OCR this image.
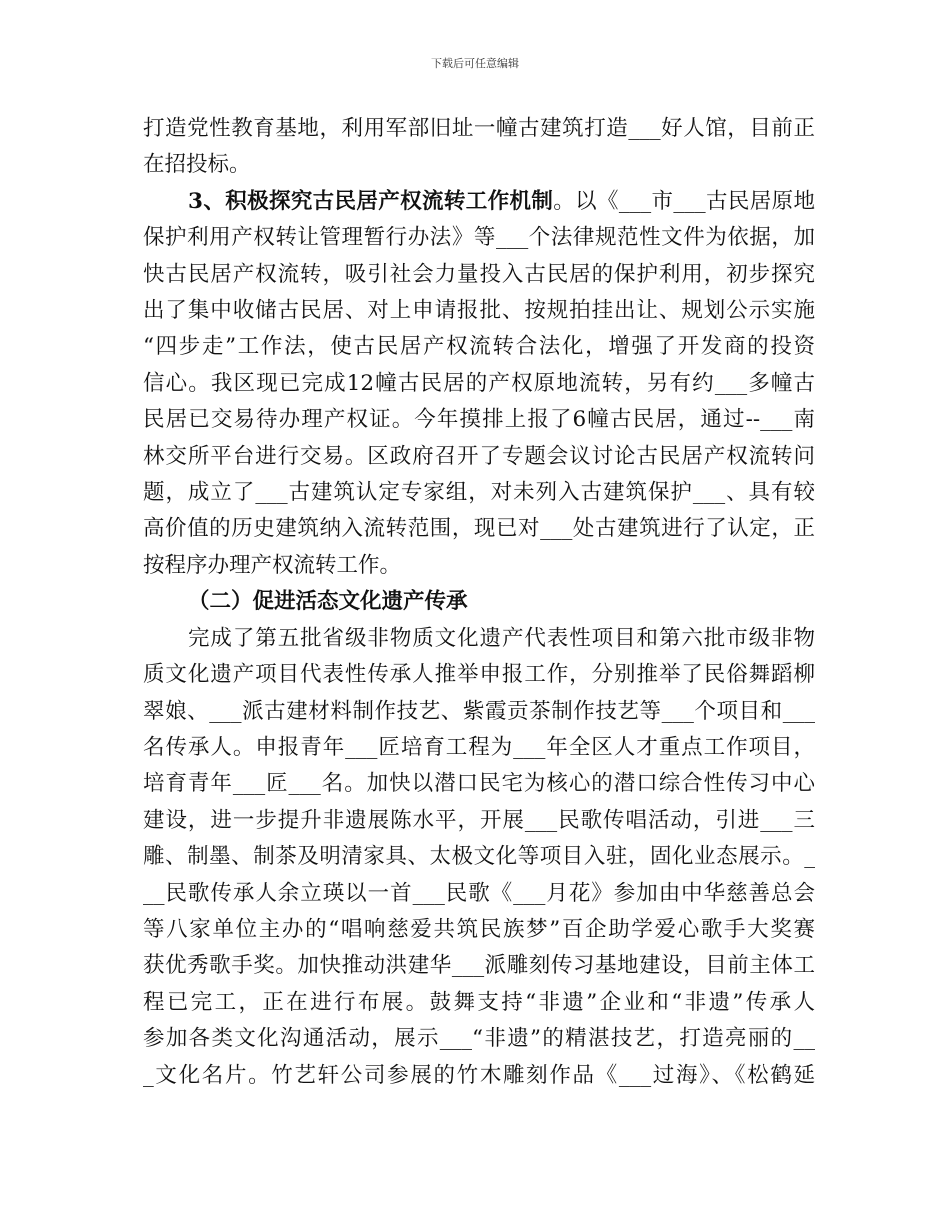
下载后可任意编辑
打造党性教育基地，利用军部旧址一幢古建筑打造___好人馆，目前正
在招投标。
3、积极探究古民居产权流转工作机制。以《___市___古民居原地
保护利用产权转让管理暂行办法》等___个法律规范性文件为依据，加
快古民居产权流转，吸引社会力量投入古民居的保护利用，初步探究
出了集中收储古民居、对上申请报批、按规拍挂出让、规划公示实施
“四步走”工作法，使古民居产权流转合法化，增强了开发商的投资
信心。我区现已完成12幢古民居的产权原地流转，另有约___多幢古
民居已交易待办理产权证。今年摸排上报了6幢古民居，通过--___南
林交所平台进行交易。区政府召开了专题会议讨论古民居产权流转问
题，成立了___古建筑认定专家组，对未列入古建筑保护___、具有较
高价值的历史建筑纳入流转范围，现已对___处古建筑进行了认定，正
按程序办理产权流转工作。
（二）促进活态文化遗产传承
完成了第五批省级非物质文化遗产代表性项目和第六批市级非物
质文化遗产项目代表性传承人推举申报工作，分别推举了民俗舞蹈柳
翠娘、___派古建材料制作技艺、紫霞贡茶制作技艺等___个项目和___
名传承人。申报青年___匠培育工程为___年全区人才重点工作项目，
培育青年___匠___名。加快以潜口民宅为核心的潜口综合性传习中心
建设，进一步提升非遗展陈水平，开展___民歌传唱活动，引进___三
雕、制墨、制茶及明清家具、太极文化等项目入驻，固化业态展示。_
__民歌传承人余立瑛以一首___民歌《___月花》参加由中华慈善总会
等八家单位主办的“唱响慈爱共筑民族梦”百企助学爱心歌手大奖赛
获优秀歌手奖。加快推动洪建华___派雕刻传习基地建设，目前主体工
程已完工，正在进行布展。鼓舞支持“非遗”企业和“非遗”传承人
参加各类文化沟通活动，展示___“非遗”的精湛技艺，打造亮丽的__
_文化名片。竹艺轩公司参展的竹木雕刻作品《___过海》、《松鹤延
